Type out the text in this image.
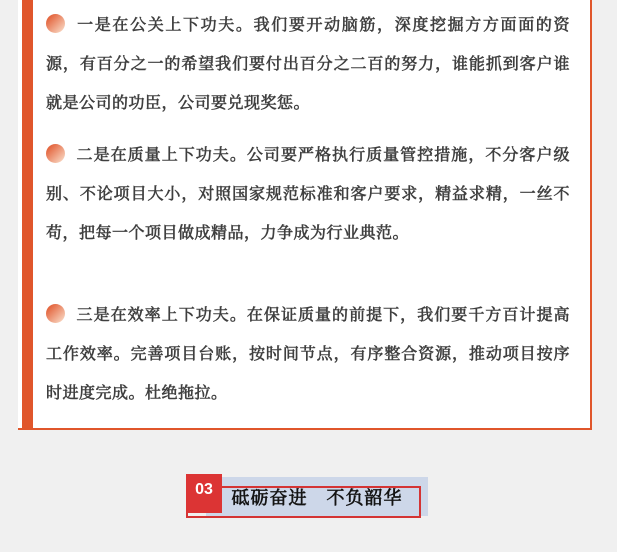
一是在公关上下功夫。我们要开动脑筋，深度挖掘方方面面的资源，有百分之一的希望我们要付出百分之二百的努力，谁能抓到客户谁就是公司的功臣，公司要兑现奖惩。

二是在质量上下功夫。公司要严格执行质量管控措施，不分客户级别、不论项目大小，对照国家规范标准和客户要求，精益求精，一丝不苟，把每一个项目做成精品，力争成为行业典范。

三是在效率上下功夫。在保证质量的前提下，我们要千方百计提高工作效率。完善项目台账，按时间节点，有序整合资源，推动项目按序时进度完成。杜绝拖拉。

砥砺奋进　不负韶华
03
